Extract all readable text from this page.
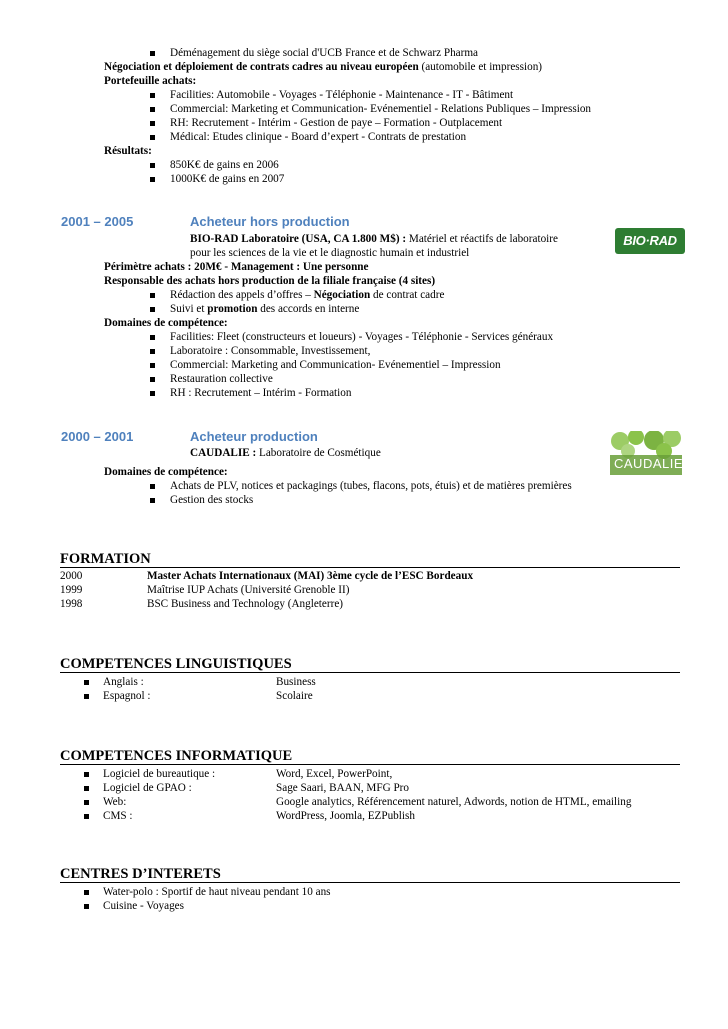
Déménagement du siège social d'UCB France et de Schwarz Pharma
Négociation et déploiement de contrats cadres au niveau européen (automobile et impression)
Portefeuille achats:
Facilities: Automobile - Voyages - Téléphonie - Maintenance - IT - Bâtiment
Commercial: Marketing et Communication- Evénementiel - Relations Publiques – Impression
RH: Recrutement - Intérim - Gestion de paye – Formation - Outplacement
Médical: Etudes clinique - Board d’expert - Contrats de prestation
Résultats:
850K€ de gains en 2006
1000K€ de gains en 2007
2001 – 2005	Acheteur hors production
BIO-RAD Laboratoire (USA, CA 1.800 M$) : Matériel et réactifs de laboratoire
pour les sciences de la vie et le diagnostic humain et industriel
BIO·RAD
Périmètre achats : 20M€ - Management : Une personne
Responsable des achats hors production de la filiale française (4 sites)
Rédaction des appels d’offres – Négociation de contrat cadre
Suivi et promotion des accords en interne
Domaines de compétence:
Facilities: Fleet (constructeurs et loueurs) - Voyages - Téléphonie - Services généraux
Laboratoire : Consommable, Investissement,
Commercial: Marketing and Communication- Evénementiel – Impression
Restauration collective
RH : Recrutement – Intérim - Formation
2000 – 2001	Acheteur production
CAUDALIE : Laboratoire de Cosmétique
CAUDALIE
Domaines de compétence:
Achats de PLV, notices et packagings (tubes, flacons, pots, étuis) et de matières premières
Gestion des stocks
FORMATION
2000	Master Achats Internationaux (MAI) 3ème cycle de l’ESC Bordeaux
1999	Maîtrise IUP Achats (Université Grenoble II)
1998	BSC Business and Technology (Angleterre)
COMPETENCES LINGUISTIQUES
Anglais :	Business
Espagnol :	Scolaire
COMPETENCES INFORMATIQUE
Logiciel de bureautique :	Word, Excel, PowerPoint,
Logiciel de GPAO :	Sage Saari, BAAN, MFG Pro
Web:	Google analytics, Référencement naturel, Adwords, notion de HTML, emailing
CMS :	WordPress, Joomla, EZPublish
CENTRES D’INTERETS
Water-polo : Sportif de haut niveau pendant 10 ans
Cuisine - Voyages
